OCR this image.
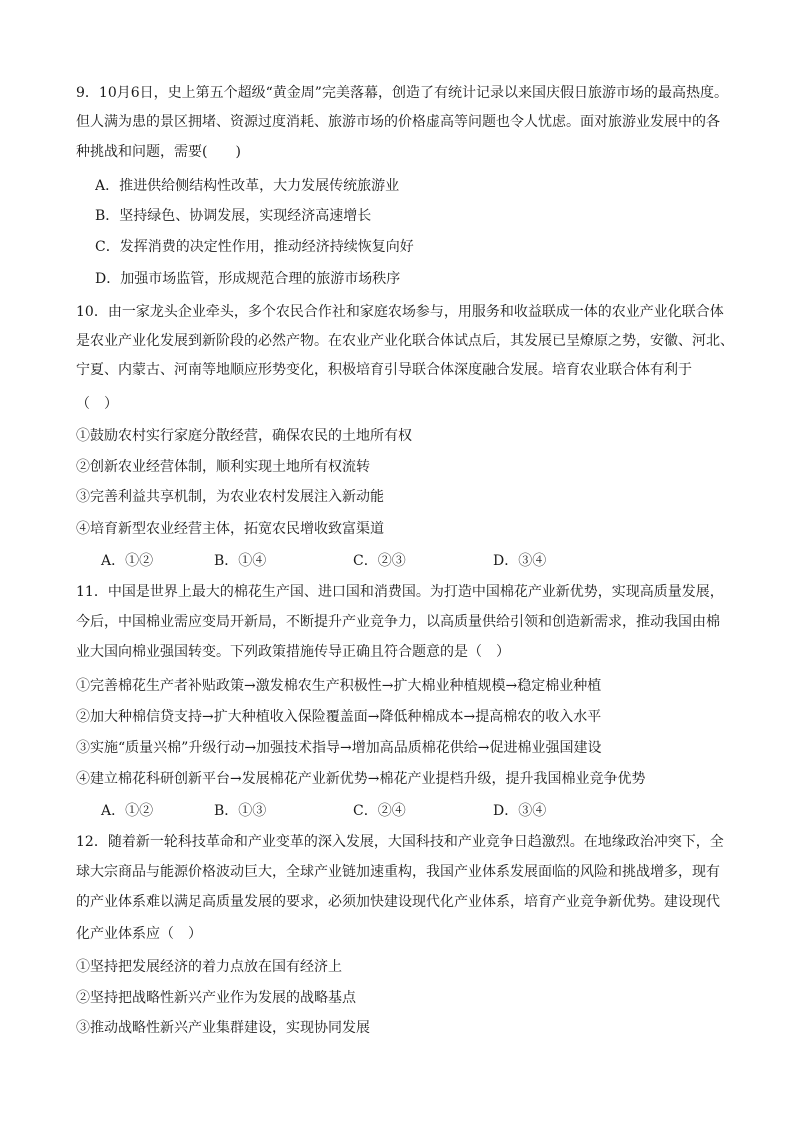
9．10月6日，史上第五个超级“黄金周”完美落幕，创造了有统计记录以来国庆假日旅游市场的最高热度。
但人满为患的景区拥堵、资源过度消耗、旅游市场的价格虚高等问题也令人忧虑。面对旅游业发展中的各
种挑战和问题，需要(　　)
A．推进供给侧结构性改革，大力发展传统旅游业
B．坚持绿色、协调发展，实现经济高速增长
C．发挥消费的决定性作用，推动经济持续恢复向好
D．加强市场监管，形成规范合理的旅游市场秩序
10．由一家龙头企业牵头，多个农民合作社和家庭农场参与，用服务和收益联成一体的农业产业化联合体
是农业产业化发展到新阶段的必然产物。在农业产业化联合体试点后，其发展已呈燎原之势，安徽、河北、
宁夏、内蒙古、河南等地顺应形势变化，积极培育引导联合体深度融合发展。培育农业联合体有利于
（　）
①鼓励农村实行家庭分散经营，确保农民的土地所有权
②创新农业经营体制，顺利实现土地所有权流转
③完善利益共享机制，为农业农村发展注入新动能
④培育新型农业经营主体，拓宽农民增收致富渠道
A．①②	B．①④	C．②③	D．③④
11．中国是世界上最大的棉花生产国、进口国和消费国。为打造中国棉花产业新优势，实现高质量发展，
今后，中国棉业需应变局开新局，不断提升产业竞争力，以高质量供给引领和创造新需求，推动我国由棉
业大国向棉业强国转变。下列政策措施传导正确且符合题意的是（　）
①完善棉花生产者补贴政策→激发棉农生产积极性→扩大棉业种植规模→稳定棉业种植
②加大种棉信贷支持→扩大种植收入保险覆盖面→降低种棉成本→提高棉农的收入水平
③实施“质量兴棉”升级行动→加强技术指导→增加高品质棉花供给→促进棉业强国建设
④建立棉花科研创新平台→发展棉花产业新优势→棉花产业提档升级，提升我国棉业竞争优势
A．①②	B．①③	C．②④	D．③④
12．随着新一轮科技革命和产业变革的深入发展，大国科技和产业竞争日趋激烈。在地缘政治冲突下，全
球大宗商品与能源价格波动巨大，全球产业链加速重构，我国产业体系发展面临的风险和挑战增多，现有
的产业体系难以满足高质量发展的要求，必须加快建设现代化产业体系，培育产业竞争新优势。建设现代
化产业体系应（　）
①坚持把发展经济的着力点放在国有经济上
②坚持把战略性新兴产业作为发展的战略基点
③推动战略性新兴产业集群建设，实现协同发展
